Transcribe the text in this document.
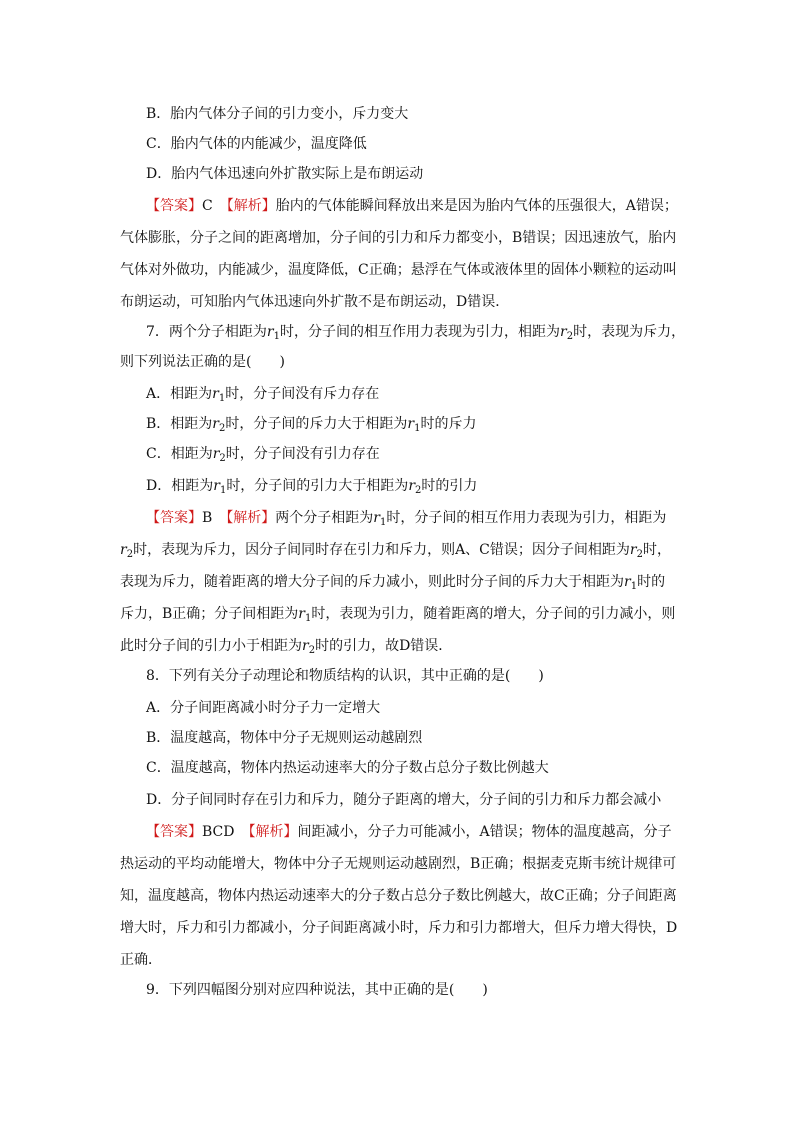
B．胎内气体分子间的引力变小，斥力变大
C．胎内气体的内能减少，温度降低
D．胎内气体迅速向外扩散实际上是布朗运动
【答案】C　 【解析】胎内的气体能瞬间释放出来是因为胎内气体的压强很大，A错误；
气体膨胀，分子之间的距离增加，分子间的引力和斥力都变小，B错误；因迅速放气，胎内
气体对外做功，内能减少，温度降低，C正确；悬浮在气体或液体里的固体小颗粒的运动叫
布朗运动，可知胎内气体迅速向外扩散不是布朗运动，D错误．
7．两个分子相距为$r_1$时，分子间的相互作用力表现为引力，相距为$r_2$时，表现为斥力，
则下列说法正确的是(　　)
A．相距为$r_1$时，分子间没有斥力存在
B．相距为$r_2$时，分子间的斥力大于相距为$r_1$时的斥力
C．相距为$r_2$时，分子间没有引力存在
D．相距为$r_1$时，分子间的引力大于相距为$r_2$时的引力
【答案】B　 【解析】两个分子相距为$r_1$时，分子间的相互作用力表现为引力，相距为
$r_2$时，表现为斥力，因分子间同时存在引力和斥力，则A、C错误；因分子间相距为$r_2$时，
表现为斥力，随着距离的增大分子间的斥力减小，则此时分子间的斥力大于相距为$r_1$时的
斥力，B正确；分子间相距为$r_1$时，表现为引力，随着距离的增大，分子间的引力减小，则
此时分子间的引力小于相距为$r_2$时的引力，故D错误．
8．下列有关分子动理论和物质结构的认识，其中正确的是(　　)
A．分子间距离减小时分子力一定增大
B．温度越高，物体中分子无规则运动越剧烈
C．温度越高，物体内热运动速率大的分子数占总分子数比例越大
D．分子间同时存在引力和斥力，随分子距离的增大，分子间的引力和斥力都会减小
【答案】BCD　 【解析】间距减小，分子力可能减小，A错误；物体的温度越高，分子
热运动的平均动能增大，物体中分子无规则运动越剧烈，B正确；根据麦克斯韦统计规律可
知，温度越高，物体内热运动速率大的分子数占总分子数比例越大，故C正确；分子间距离
增大时，斥力和引力都减小，分子间距离减小时，斥力和引力都增大，但斥力增大得快，D
正确．
9．下列四幅图分别对应四种说法，其中正确的是(　　)
